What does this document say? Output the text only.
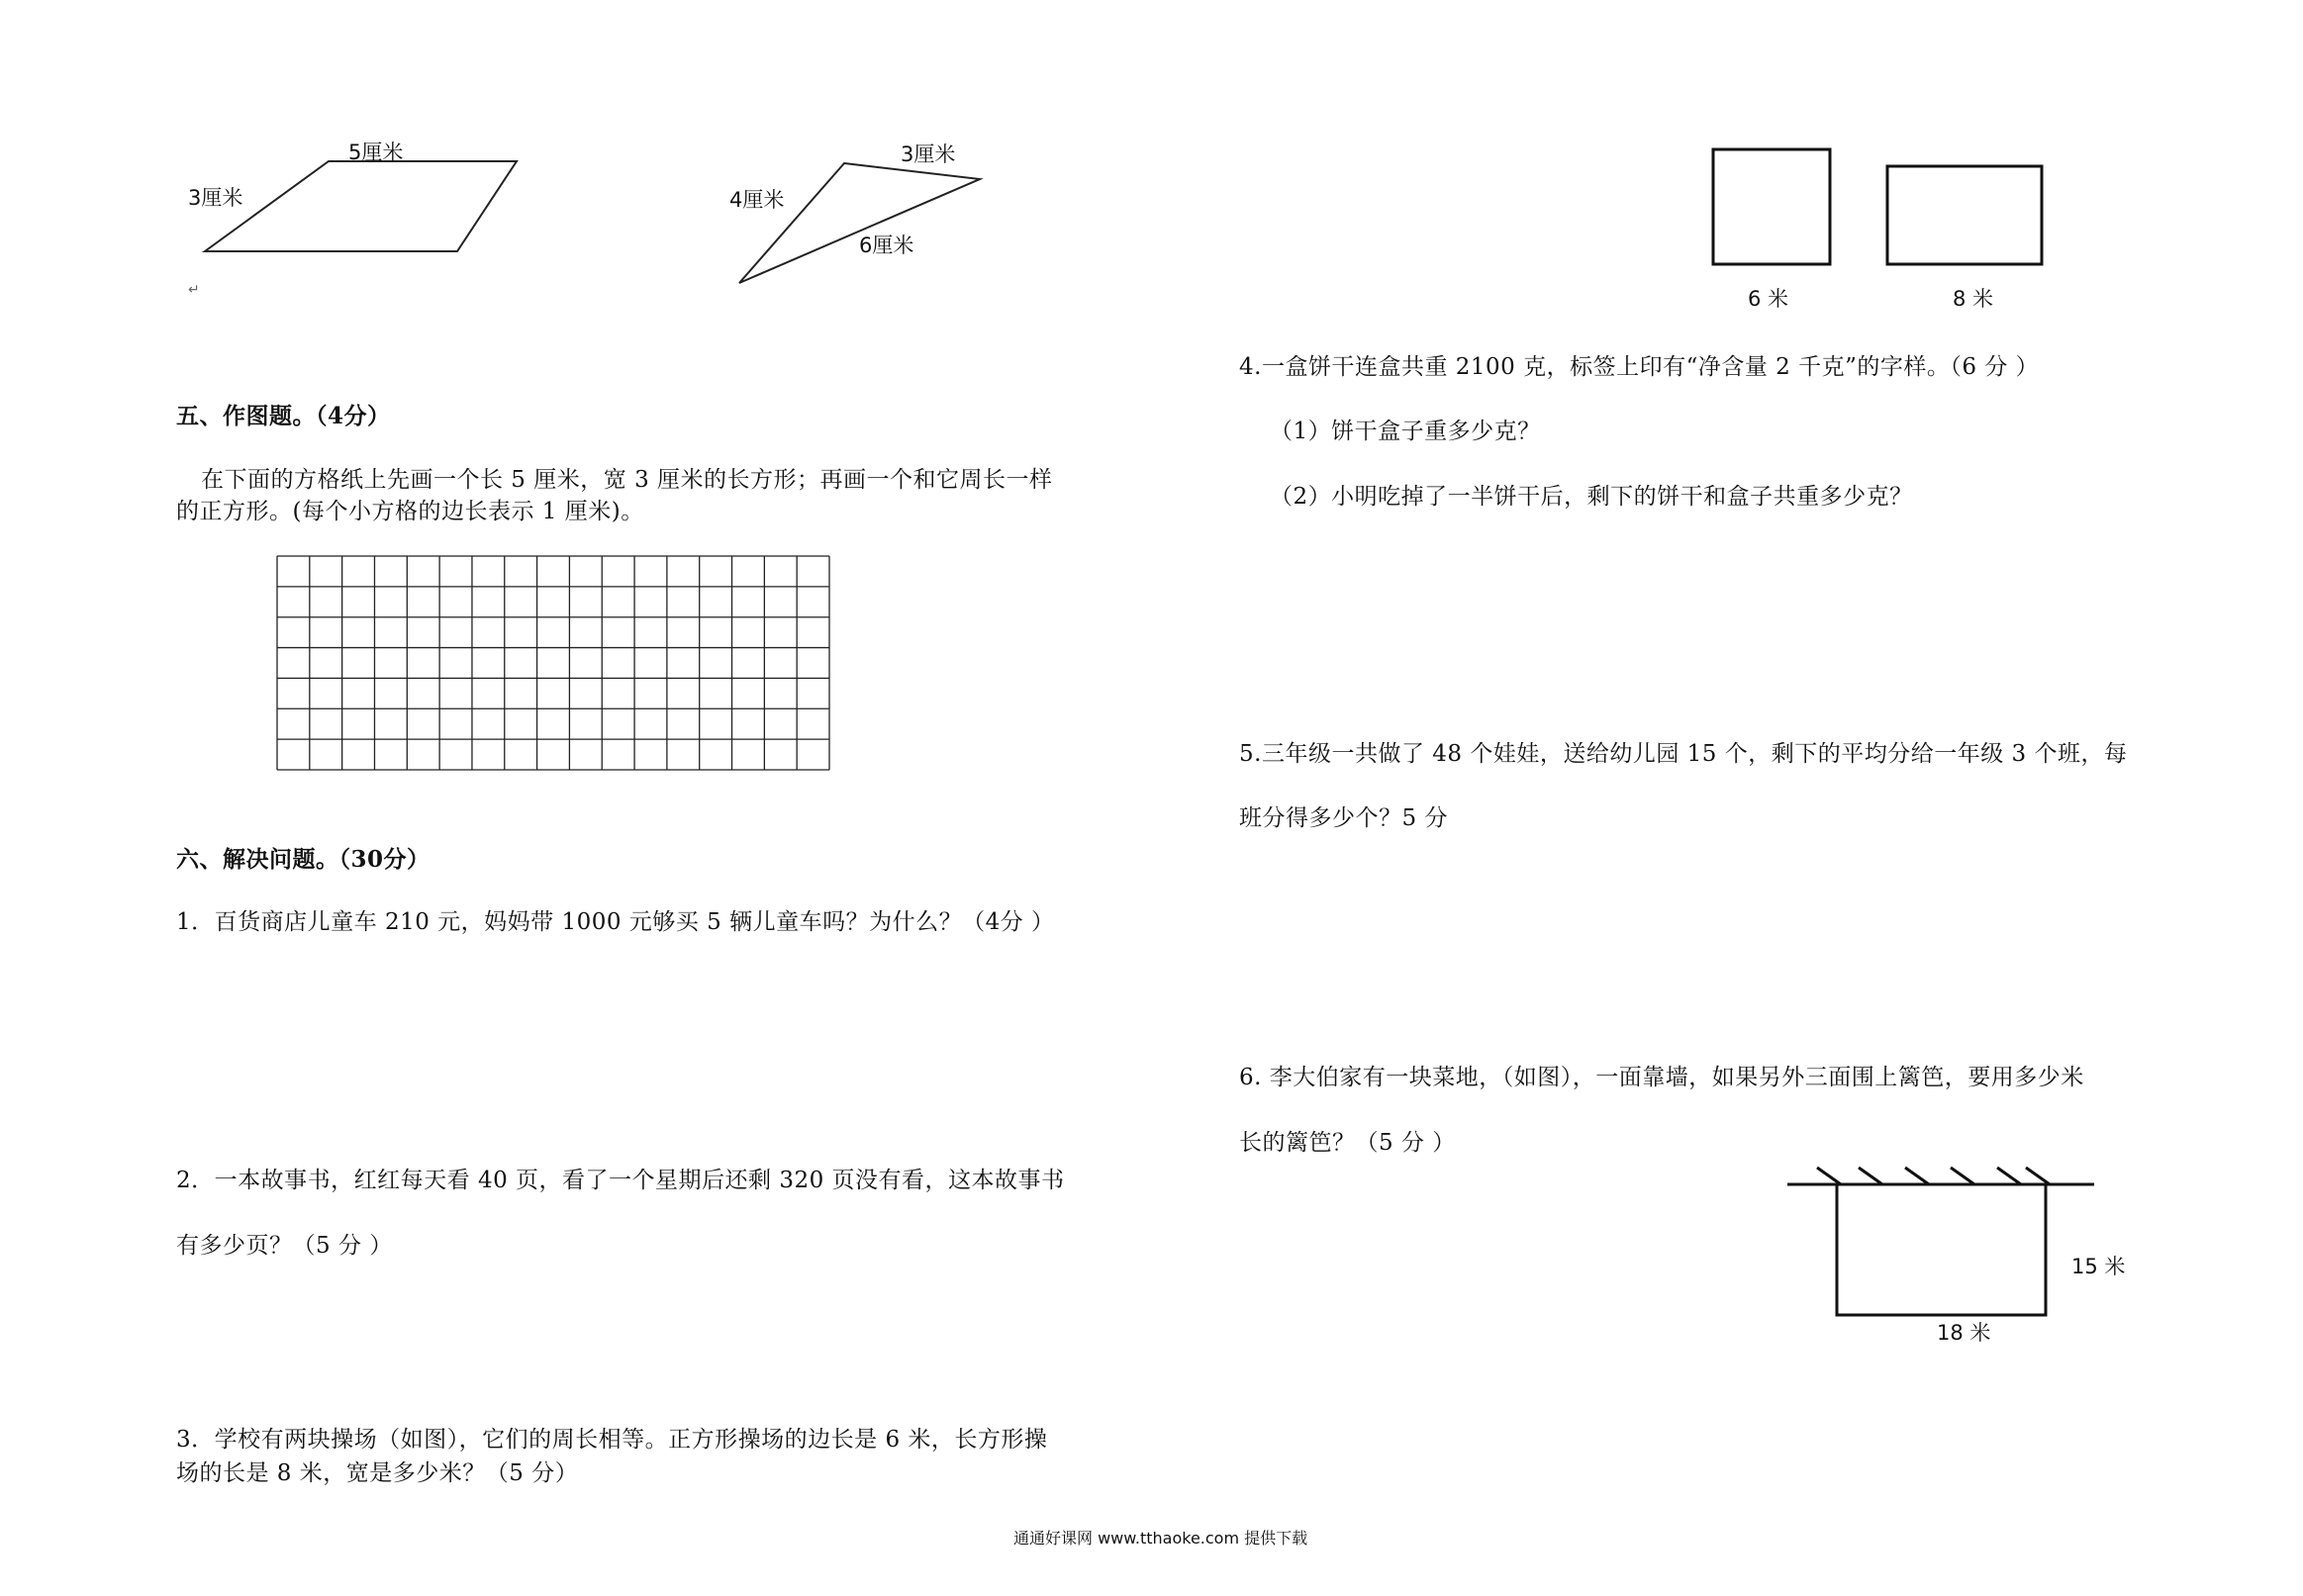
5厘米
3厘米
↵
3厘米
4厘米
6厘米
五、作图题。（4分）
在下面的方格纸上先画一个长 5 厘米，宽 3 厘米的长方形；再画一个和它周长一样
的正方形。(每个小方格的边长表示 1 厘米)。
六、解决问题。（30分）
1．百货商店儿童车 210 元，妈妈带 1000 元够买 5 辆儿童车吗？为什么？（4分 ）
2．一本故事书，红红每天看 40 页，看了一个星期后还剩 320 页没有看，这本故事书
有多少页？（5 分 ）
3．学校有两块操场（如图），它们的周长相等。正方形操场的边长是 6 米，长方形操
场的长是 8 米，宽是多少米？（5 分）
6 米	8 米
4.一盒饼干连盒共重 2100 克，标签上印有“净含量 2 千克”的字样。（6 分 ）
（1）饼干盒子重多少克？
（2）小明吃掉了一半饼干后，剩下的饼干和盒子共重多少克？
5.三年级一共做了 48 个娃娃，送给幼儿园 15 个，剩下的平均分给一年级 3 个班，每
班分得多少个？5 分
6. 李大伯家有一块菜地，（如图），一面靠墙，如果另外三面围上篱笆，要用多少米
长的篱笆？（5 分 ）
15 米
18 米
通通好课网 www.tthaoke.com 提供下载
